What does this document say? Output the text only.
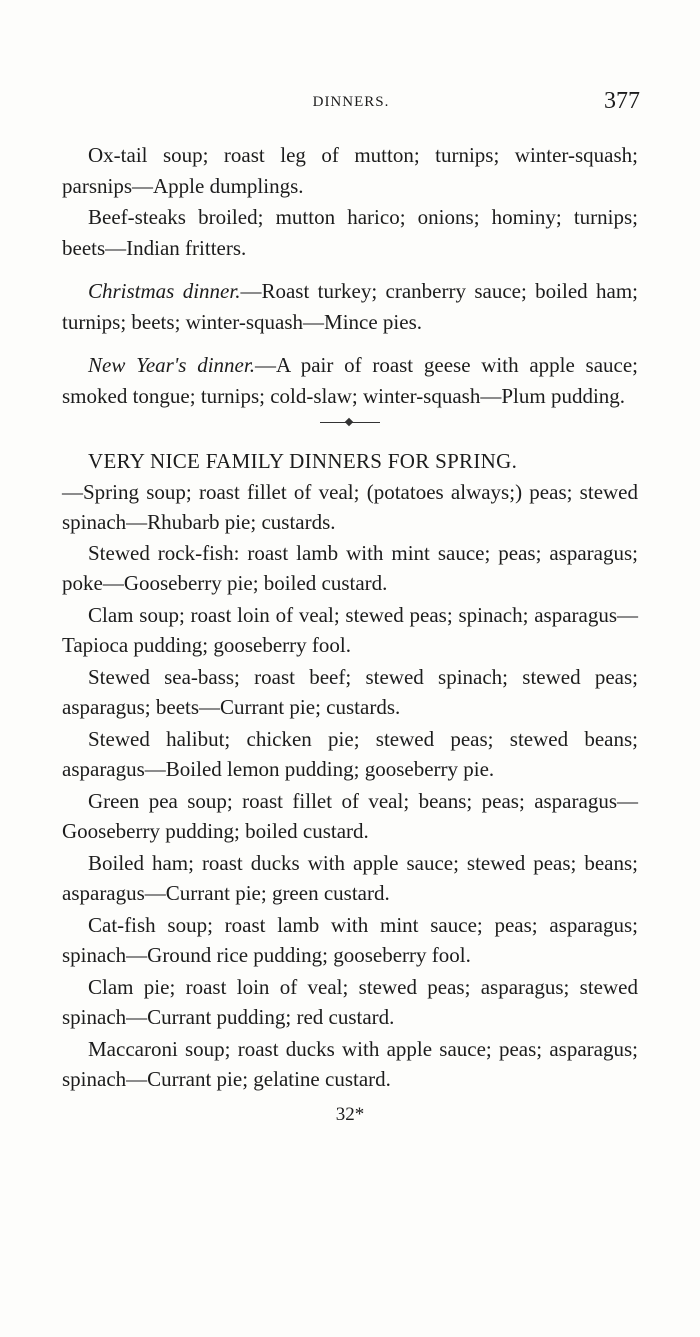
DINNERS.	377

Ox-tail soup; roast leg of mutton; turnips; winter-squash; parsnips—Apple dumplings.

Beef-steaks broiled; mutton harico; onions; hominy; turnips; beets—Indian fritters.

Christmas dinner.—Roast turkey; cranberry sauce; boiled ham; turnips; beets; winter-squash—Mince pies.

New Year's dinner.—A pair of roast geese with apple sauce; smoked tongue; turnips; cold-slaw; winter-squash—Plum pudding.

VERY NICE FAMILY DINNERS FOR SPRING.

—Spring soup; roast fillet of veal; (potatoes always;) peas; stewed spinach—Rhubarb pie; custards.

Stewed rock-fish: roast lamb with mint sauce; peas; asparagus; poke—Gooseberry pie; boiled custard.

Clam soup; roast loin of veal; stewed peas; spinach; asparagus—Tapioca pudding; gooseberry fool.

Stewed sea-bass; roast beef; stewed spinach; stewed peas; asparagus; beets—Currant pie; custards.

Stewed halibut; chicken pie; stewed peas; stewed beans; asparagus—Boiled lemon pudding; gooseberry pie.

Green pea soup; roast fillet of veal; beans; peas; asparagus—Gooseberry pudding; boiled custard.

Boiled ham; roast ducks with apple sauce; stewed peas; beans; asparagus—Currant pie; green custard.

Cat-fish soup; roast lamb with mint sauce; peas; asparagus; spinach—Ground rice pudding; gooseberry fool.

Clam pie; roast loin of veal; stewed peas; asparagus; stewed spinach—Currant pudding; red custard.

Maccaroni soup; roast ducks with apple sauce; peas; asparagus; spinach—Currant pie; gelatine custard.

32*
